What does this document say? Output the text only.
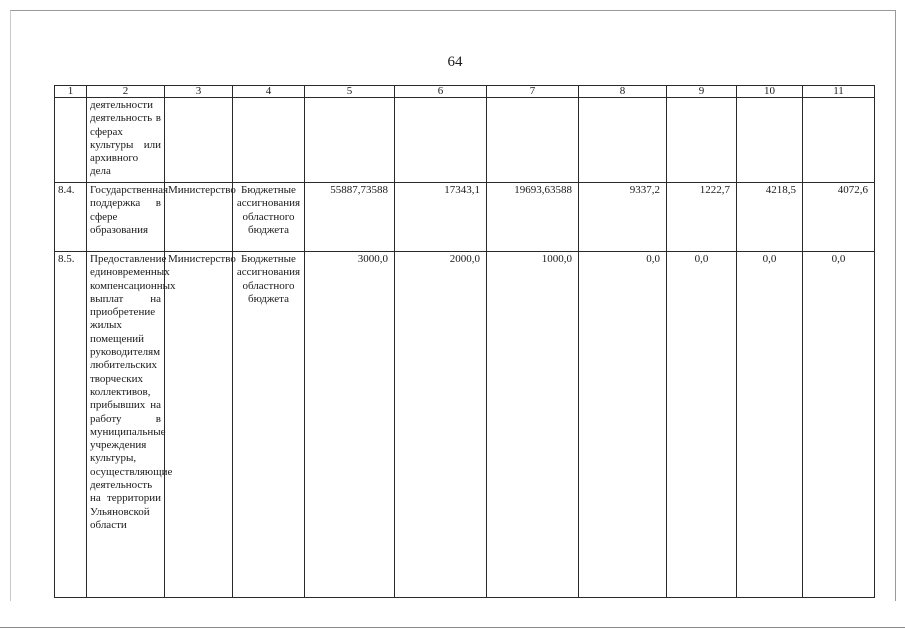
64
1	2	3	4	5	6	7	8	9	10	11
	деятельности деятельность в сферах культуры или архивного дела									
8.4.	Государственная поддержка в сфере образования	Министерство	Бюджетные ассигнования областного бюджета	55887,73588	17343,1	19693,63588	9337,2	1222,7	4218,5	4072,6
8.5.	Предоставление единовременных компенсационных выплат на приобретение жилых помещений руководителям любительских творческих коллективов, прибывших на работу в муниципальные учреждения культуры, осуществляющие деятельность на территории Ульяновской области	Министерство	Бюджетные ассигнования областного бюджета	3000,0	2000,0	1000,0	0,0	0,0	0,0	0,0
